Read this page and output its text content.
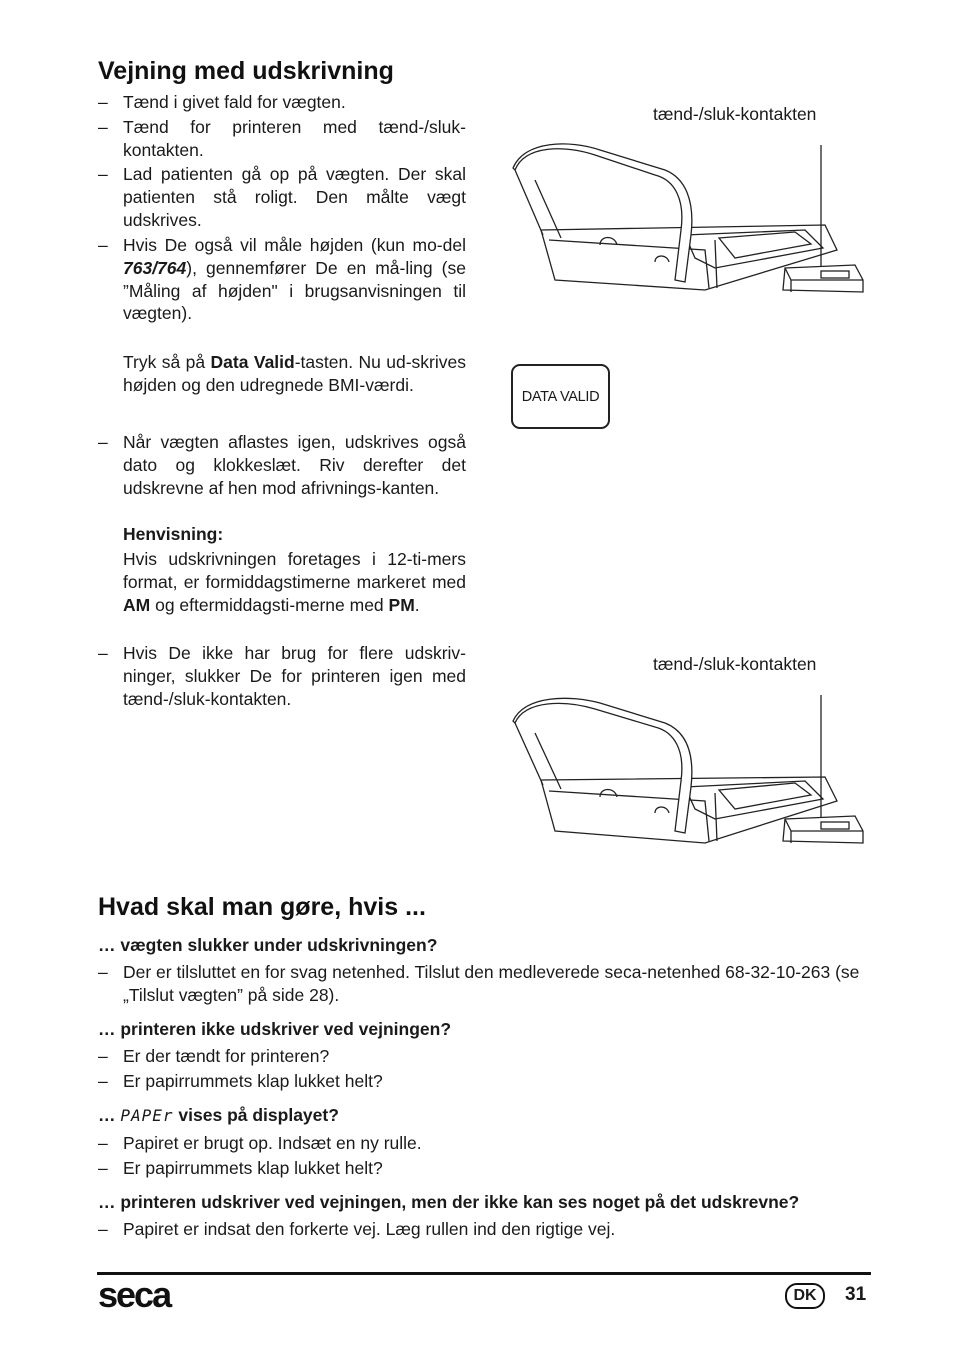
Vejning med udskrivning
– Tænd i givet fald for vægten.
– Tænd for printeren med tænd-/sluk-kontakten.
– Lad patienten gå op på vægten. Der skal patienten stå roligt. Den målte vægt udskrives.
– Hvis De også vil måle højden (kun mo-del 763/764), gennemfører De en må-ling (se ”Måling af højden" i brugsanvisningen til vægten).
Tryk så på Data Valid-tasten. Nu ud-skrives højden og den udregnede BMI-værdi.
– Når vægten aflastes igen, udskrives også dato og klokkeslæt. Riv derefter det udskrevne af hen mod afrivnings-kanten.
Henvisning:
Hvis udskrivningen foretages i 12-ti-mers format, er formiddagstimerne markeret med AM og eftermiddagsti-merne med PM.
– Hvis De ikke har brug for flere udskriv-ninger, slukker De for printeren igen med tænd-/sluk-kontakten.
tænd-/sluk-kontakten
DATA VALID
tænd-/sluk-kontakten
Hvad skal man gøre, hvis ...
… vægten slukker under udskrivningen?
– Der er tilsluttet en for svag netenhed. Tilslut den medleverede seca-netenhed 68-32-10-263 (se „Tilslut vægten” på side 28).
… printeren ikke udskriver ved vejningen?
– Er der tændt for printeren?
– Er papirrummets klap lukket helt?
… PAPEr vises på displayet?
– Papiret er brugt op. Indsæt en ny rulle.
– Er papirrummets klap lukket helt?
… printeren udskriver ved vejningen, men der ikke kan ses noget på det udskrevne?
– Papiret er indsat den forkerte vej. Læg rullen ind den rigtige vej.
seca	DK	31
